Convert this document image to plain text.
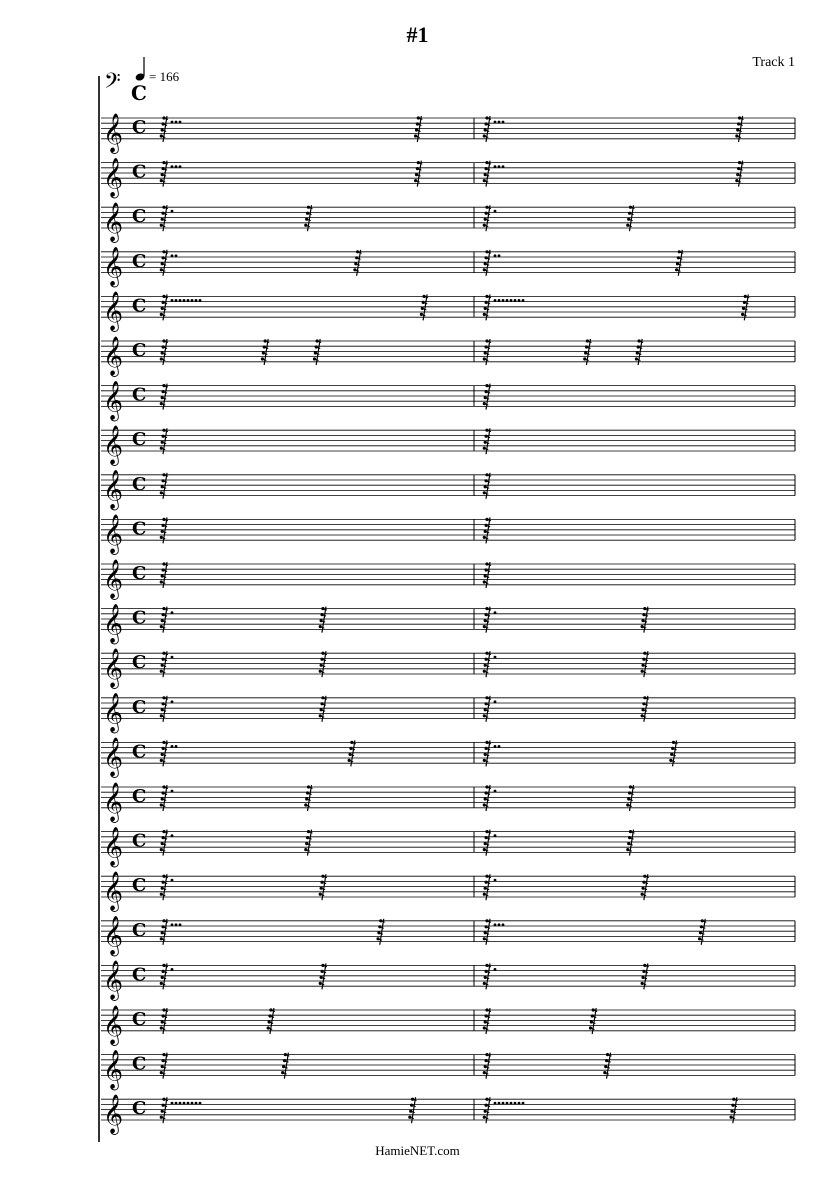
#1
Track 1
𝄢 C
= 166
𝄞 C
𝄞 C
𝄞 C
𝄞 C
𝄞 C
𝄞 C
𝄞 C
𝄞 C
𝄞 C
𝄞 C
𝄞 C
𝄞 C
𝄞 C
𝄞 C
𝄞 C
𝄞 C
𝄞 C
𝄞 C
𝄞 C
𝄞 C
𝄞 C
𝄞 C
𝄞 C
HamieNET.com
